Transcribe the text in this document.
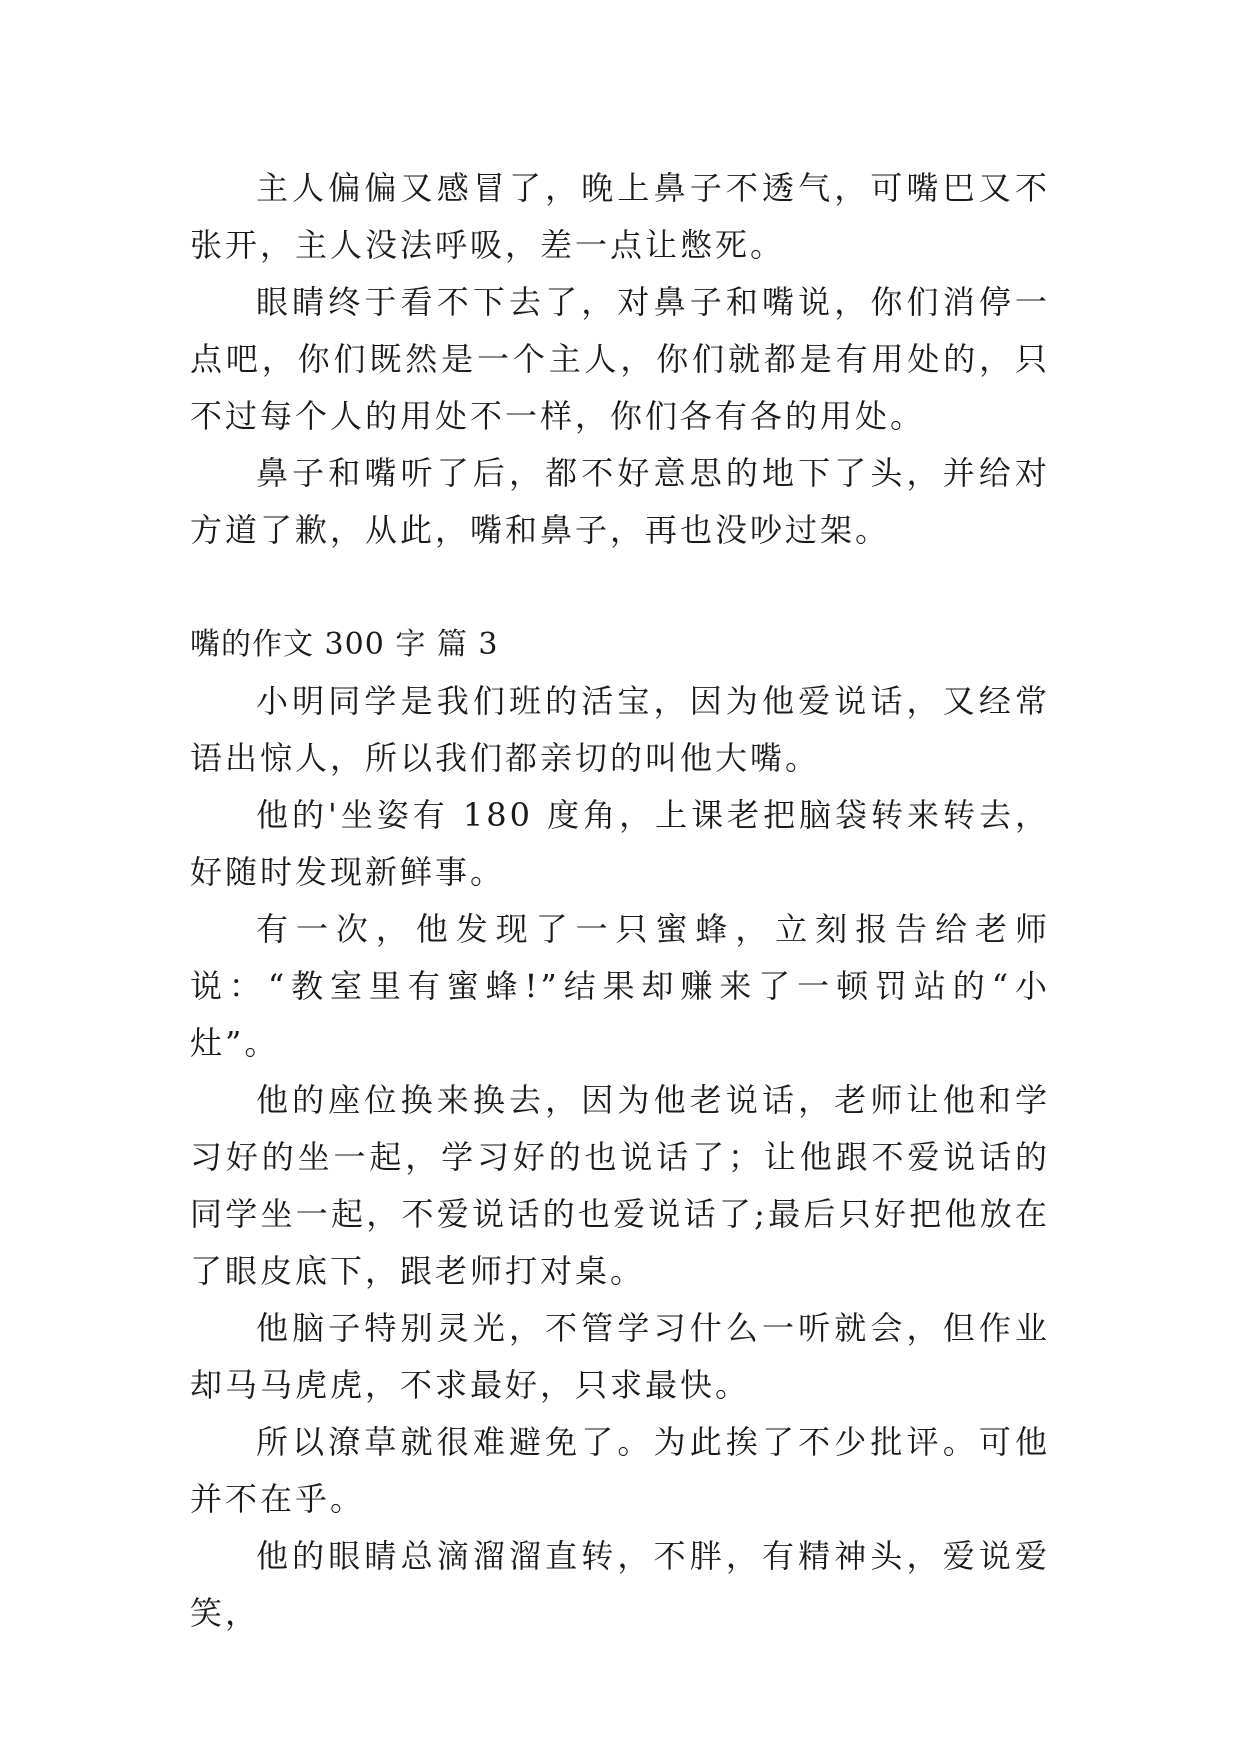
主人偏偏又感冒了，晚上鼻子不透气，可嘴巴又不张开，主人没法呼吸，差一点让憋死。

眼睛终于看不下去了，对鼻子和嘴说，你们消停一点吧，你们既然是一个主人，你们就都是有用处的，只不过每个人的用处不一样，你们各有各的用处。

鼻子和嘴听了后，都不好意思的地下了头，并给对方道了歉，从此，嘴和鼻子，再也没吵过架。

嘴的作文 300 字 篇 3

小明同学是我们班的活宝，因为他爱说话，又经常语出惊人，所以我们都亲切的叫他大嘴。

他的'坐姿有 180 度角，上课老把脑袋转来转去，好随时发现新鲜事。

有一次，他发现了一只蜜蜂，立刻报告给老师说：“教室里有蜜蜂!”结果却赚来了一顿罚站的“小灶”。

他的座位换来换去，因为他老说话，老师让他和学习好的坐一起，学习好的也说话了；让他跟不爱说话的同学坐一起，不爱说话的也爱说话了;最后只好把他放在了眼皮底下，跟老师打对桌。

他脑子特别灵光，不管学习什么一听就会，但作业却马马虎虎，不求最好，只求最快。

所以潦草就很难避免了。为此挨了不少批评。可他并不在乎。

他的眼睛总滴溜溜直转，不胖，有精神头，爱说爱笑，
